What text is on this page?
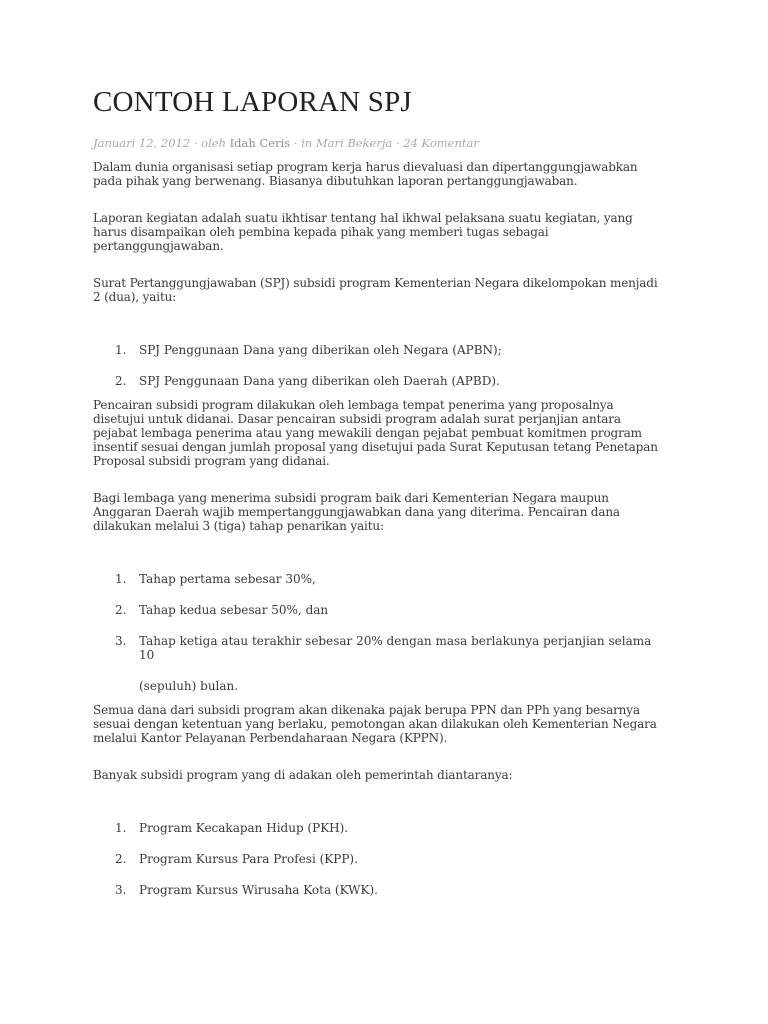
CONTOH LAPORAN SPJ
Januari 12, 2012 · oleh Idah Ceris · in Mari Bekerja · 24 Komentar

Dalam dunia organisasi setiap program kerja harus dievaluasi dan dipertanggungjawabkan pada pihak yang berwenang. Biasanya dibutuhkan laporan pertanggungjawaban.

Laporan kegiatan adalah suatu ikhtisar tentang hal ikhwal pelaksana suatu kegiatan, yang harus disampaikan oleh pembina kepada pihak yang memberi tugas sebagai pertanggungjawaban.

Surat Pertanggungjawaban (SPJ) subsidi program Kementerian Negara dikelompokan menjadi 2 (dua), yaitu:

1. SPJ Penggunaan Dana yang diberikan oleh Negara (APBN);
2. SPJ Penggunaan Dana yang diberikan oleh Daerah (APBD).

Pencairan subsidi program dilakukan oleh lembaga tempat penerima yang proposalnya disetujui untuk didanai. Dasar pencairan subsidi program adalah surat perjanjian antara pejabat lembaga penerima atau yang mewakili dengan pejabat pembuat komitmen program insentif sesuai dengan jumlah proposal yang disetujui pada Surat Keputusan tetang Penetapan Proposal subsidi program yang didanai.

Bagi lembaga yang menerima subsidi program baik dari Kementerian Negara maupun Anggaran Daerah wajib mempertanggungjawabkan dana yang diterima. Pencairan dana dilakukan melalui 3 (tiga) tahap penarikan yaitu:

1. Tahap pertama sebesar 30%,
2. Tahap kedua sebesar 50%, dan
3. Tahap ketiga atau terakhir sebesar 20% dengan masa berlakunya perjanjian selama 10
(sepuluh) bulan.

Semua dana dari subsidi program akan dikenaka pajak berupa PPN dan PPh yang besarnya sesuai dengan ketentuan yang berlaku, pemotongan akan dilakukan oleh Kementerian Negara melalui Kantor Pelayanan Perbendaharaan Negara (KPPN).

Banyak subsidi program yang di adakan oleh pemerintah diantaranya:

1. Program Kecakapan Hidup (PKH).
2. Program Kursus Para Profesi (KPP).
3. Program Kursus Wirusaha Kota (KWK).
